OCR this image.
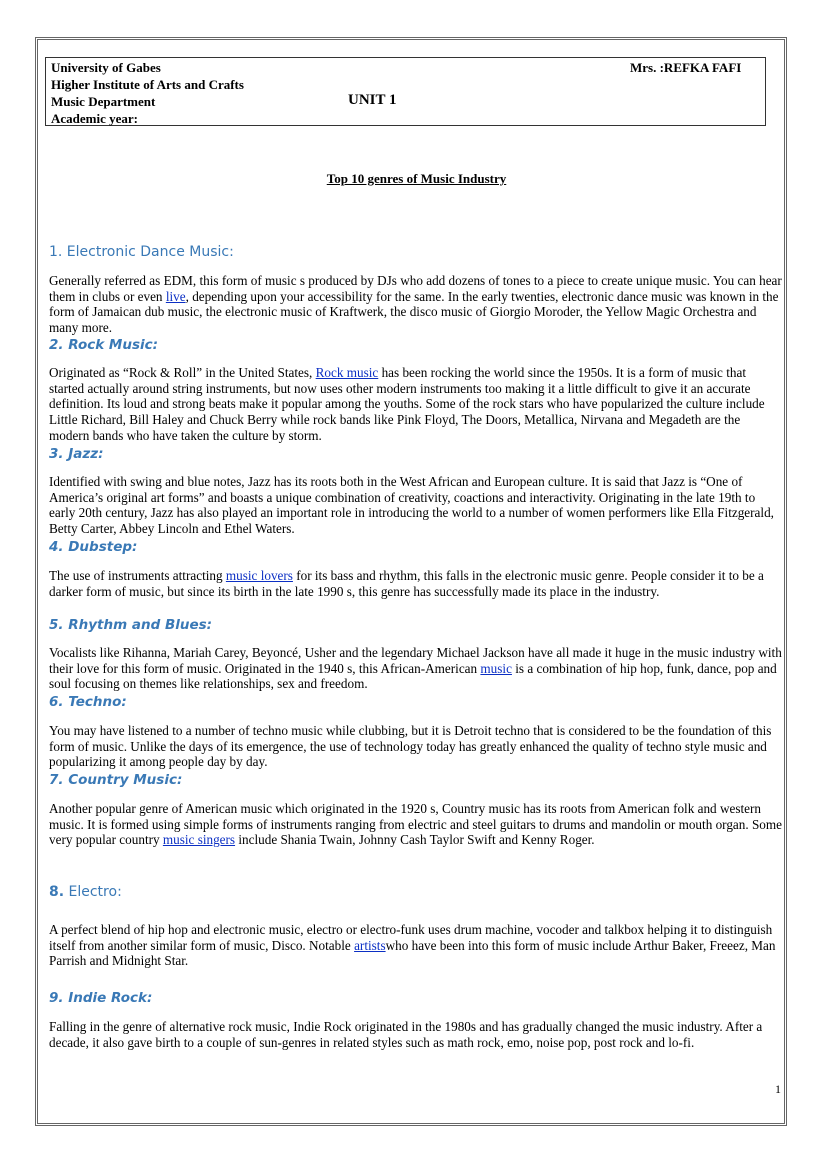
University of Gabes
Higher Institute of Arts and Crafts
Music Department
Academic year:
Mrs. :REFKA FAFI
UNIT 1
Top 10 genres of Music Industry
1. Electronic Dance Music:
Generally referred as EDM, this form of music s produced by DJs who add dozens of tones to a piece to create unique music. You can hear them in clubs or even live, depending upon your accessibility for the same. In the early twenties, electronic dance music was known in the form of Jamaican dub music, the electronic music of Kraftwerk, the disco music of Giorgio Moroder, the Yellow Magic Orchestra and many more.
2. Rock Music:
Originated as “Rock & Roll” in the United States, Rock music has been rocking the world since the 1950s. It is a form of music that started actually around string instruments, but now uses other modern instruments too making it a little difficult to give it an accurate definition. Its loud and strong beats make it popular among the youths. Some of the rock stars who have popularized the culture include Little Richard, Bill Haley and Chuck Berry while rock bands like Pink Floyd, The Doors, Metallica, Nirvana and Megadeth are the modern bands who have taken the culture by storm.
3. Jazz:
Identified with swing and blue notes, Jazz has its roots both in the West African and European culture. It is said that Jazz is “One of America’s original art forms” and boasts a unique combination of creativity, coactions and interactivity. Originating in the late 19th to early 20th century, Jazz has also played an important role in introducing the world to a number of women performers like Ella Fitzgerald, Betty Carter, Abbey Lincoln and Ethel Waters.
4. Dubstep:
The use of instruments attracting music lovers for its bass and rhythm, this falls in the electronic music genre. People consider it to be a darker form of music, but since its birth in the late 1990 s, this genre has successfully made its place in the industry.
5. Rhythm and Blues:
Vocalists like Rihanna, Mariah Carey, Beyoncé, Usher and the legendary Michael Jackson have all made it huge in the music industry with their love for this form of music. Originated in the 1940 s, this African-American music is a combination of hip hop, funk, dance, pop and soul focusing on themes like relationships, sex and freedom.
6. Techno:
You may have listened to a number of techno music while clubbing, but it is Detroit techno that is considered to be the foundation of this form of music. Unlike the days of its emergence, the use of technology today has greatly enhanced the quality of techno style music and popularizing it among people day by day.
7. Country Music:
Another popular genre of American music which originated in the 1920 s, Country music has its roots from American folk and western music. It is formed using simple forms of instruments ranging from electric and steel guitars to drums and mandolin or mouth organ. Some very popular country music singers include Shania Twain, Johnny Cash Taylor Swift and Kenny Roger.
8. Electro:
A perfect blend of hip hop and electronic music, electro or electro-funk uses drum machine, vocoder and talkbox helping it to distinguish itself from another similar form of music, Disco. Notable artistswho have been into this form of music include Arthur Baker, Freeez, Man Parrish and Midnight Star.
9. Indie Rock:
Falling in the genre of alternative rock music, Indie Rock originated in the 1980s and has gradually changed the music industry. After a decade, it also gave birth to a couple of sun-genres in related styles such as math rock, emo, noise pop, post rock and lo-fi.
1
